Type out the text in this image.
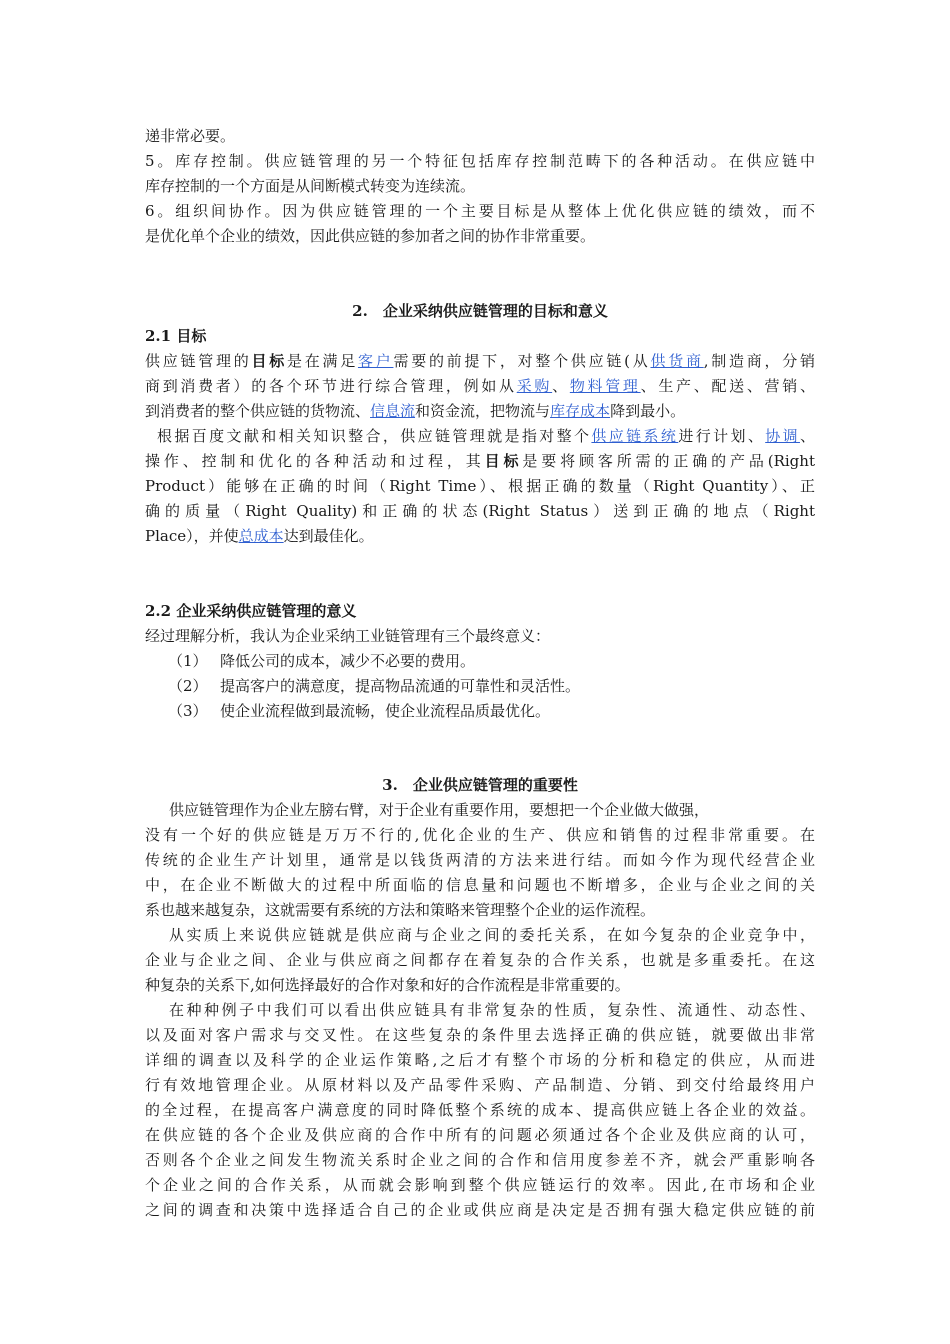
递非常必要。
5。库存控制。供应链管理的另一个特征包括库存控制范畴下的各种活动。在供应链中
库存控制的一个方面是从间断模式转变为连续流。
6。组织间协作。因为供应链管理的一个主要目标是从整体上优化供应链的绩效，而不
是优化单个企业的绩效，因此供应链的参加者之间的协作非常重要。
2.　企业采纳供应链管理的目标和意义
2.1 目标
供应链管理的目标是在满足客户需要的前提下，对整个供应链(从供货商,制造商，分销
商到消费者）的各个环节进行综合管理，例如从采购、物料管理、生产、配送、营销、
到消费者的整个供应链的货物流、信息流和资金流，把物流与库存成本降到最小。
根据百度文献和相关知识整合，供应链管理就是指对整个供应链系统进行计划、协调、
操作、控制和优化的各种活动和过程，其目标是要将顾客所需的正确的产品(Right
Product）能够在正确的时间（Right Time）、根据正确的数量（Right Quantity）、正
确的质量（Right Quality)和正确的状态(Right Status）送到正确的地点（Right
Place），并使总成本达到最佳化。
2.2 企业采纳供应链管理的意义
经过理解分析，我认为企业采纳工业链管理有三个最终意义：
（1） 降低公司的成本，减少不必要的费用。
（2） 提高客户的满意度，提高物品流通的可靠性和灵活性。
（3） 使企业流程做到最流畅，使企业流程品质最优化。
3.　企业供应链管理的重要性
供应链管理作为企业左膀右臂，对于企业有重要作用，要想把一个企业做大做强，
没有一个好的供应链是万万不行的,优化企业的生产、供应和销售的过程非常重要。在
传统的企业生产计划里，通常是以钱货两清的方法来进行结。而如今作为现代经营企业
中，在企业不断做大的过程中所面临的信息量和问题也不断增多，企业与企业之间的关
系也越来越复杂，这就需要有系统的方法和策略来管理整个企业的运作流程。
从实质上来说供应链就是供应商与企业之间的委托关系，在如今复杂的企业竞争中，
企业与企业之间、企业与供应商之间都存在着复杂的合作关系，也就是多重委托。在这
种复杂的关系下,如何选择最好的合作对象和好的合作流程是非常重要的。
在种种例子中我们可以看出供应链具有非常复杂的性质，复杂性、流通性、动态性、
以及面对客户需求与交叉性。在这些复杂的条件里去选择正确的供应链，就要做出非常
详细的调查以及科学的企业运作策略,之后才有整个市场的分析和稳定的供应，从而进
行有效地管理企业。从原材料以及产品零件采购、产品制造、分销、到交付给最终用户
的全过程，在提高客户满意度的同时降低整个系统的成本、提高供应链上各企业的效益。
在供应链的各个企业及供应商的合作中所有的问题必须通过各个企业及供应商的认可，
否则各个企业之间发生物流关系时企业之间的合作和信用度参差不齐，就会严重影响各
个企业之间的合作关系，从而就会影响到整个供应链运行的效率。因此,在市场和企业
之间的调查和决策中选择适合自己的企业或供应商是决定是否拥有强大稳定供应链的前
